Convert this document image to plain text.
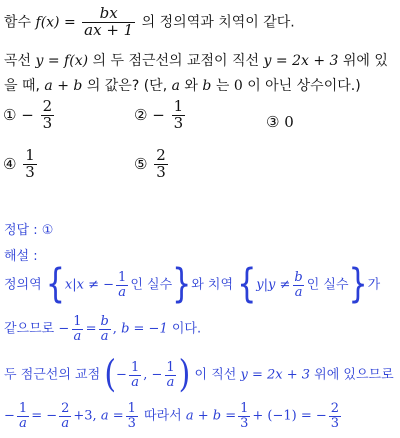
함수 $f(x) = \frac{bx}{ax + 1}$ 의 정의역과 치역이 같다.
곡선 y = f(x) 의 두 점근선의 교점이 직선 y = 2x + 3 위에 있
을 때, a + b 의 값은? (단, a 와 b 는 0 이 아닌 상수이다.)
① − $\frac{2}{3}$	② − $\frac{1}{3}$	③ 0
④ $\frac{1}{3}$	⑤ $\frac{2}{3}$
정답 : ①
해설 :
정의역 {x|x ≠ − $\frac{1}{a}$ 인 실수}와 치역 {$y|y \ne \frac{b}{a}$ 인 실수}가
같으므로 − $\frac{1}{a} = \frac{b}{a}$ , b = −1 이다.
두 점근선의 교점 (− $\frac{1}{a}$ , − $\frac{1}{a}$ ) 이 직선 y = 2x + 3 위에 있으므로
− $\frac{1}{a}$ = − $\frac{2}{a} +3$, $a = \frac{1}{3}$ 따라서 $a + b = \frac{1}{3} + (-1)$ = − $\frac{2}{3}$
